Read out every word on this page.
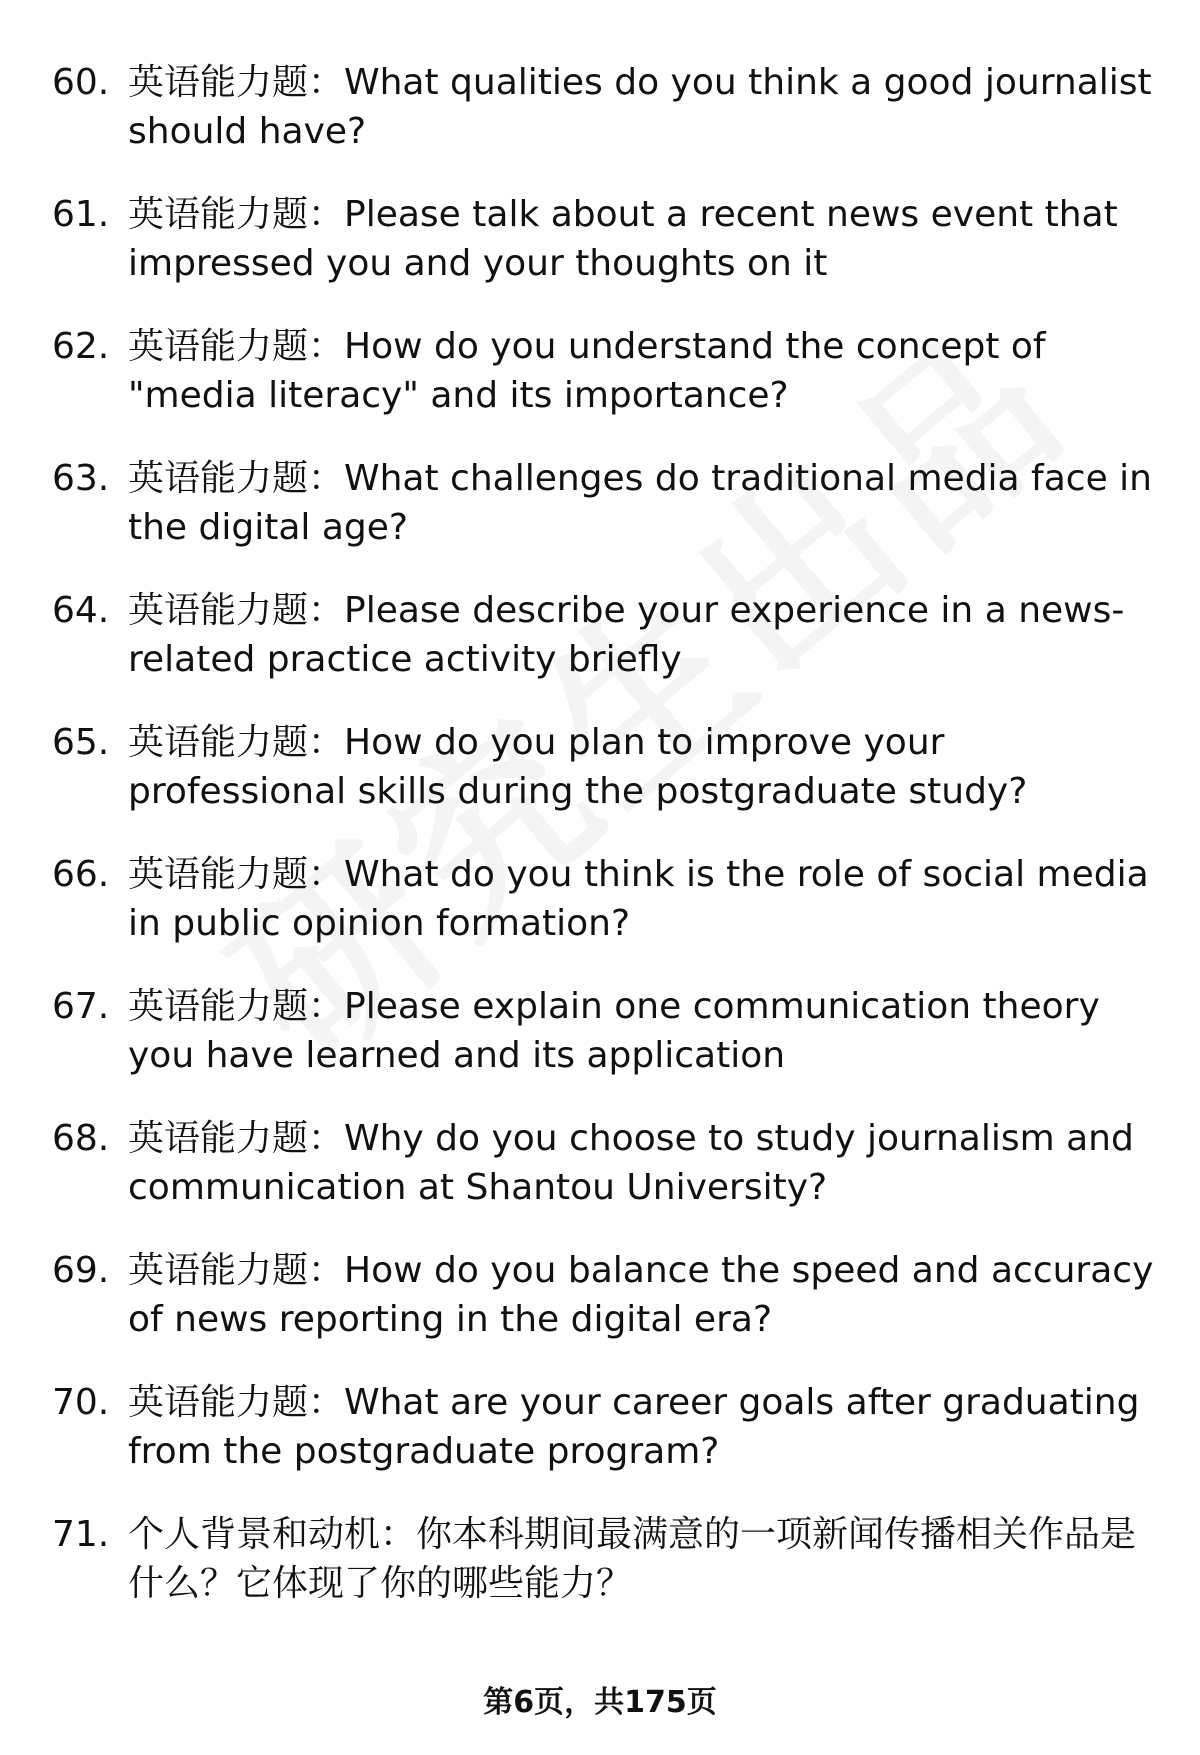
60. 英语能力题：What qualities do you think a good journalist should have?
61. 英语能力题：Please talk about a recent news event that impressed you and your thoughts on it
62. 英语能力题：How do you understand the concept of "media literacy" and its importance?
63. 英语能力题：What challenges do traditional media face in the digital age?
64. 英语能力题：Please describe your experience in a news-related practice activity briefly
65. 英语能力题：How do you plan to improve your professional skills during the postgraduate study?
66. 英语能力题：What do you think is the role of social media in public opinion formation?
67. 英语能力题：Please explain one communication theory you have learned and its application
68. 英语能力题：Why do you choose to study journalism and communication at Shantou University?
69. 英语能力题：How do you balance the speed and accuracy of news reporting in the digital era?
70. 英语能力题：What are your career goals after graduating from the postgraduate program?
71. 个人背景和动机：你本科期间最满意的一项新闻传播相关作品是什么？它体现了你的哪些能力？
第6页，共175页
